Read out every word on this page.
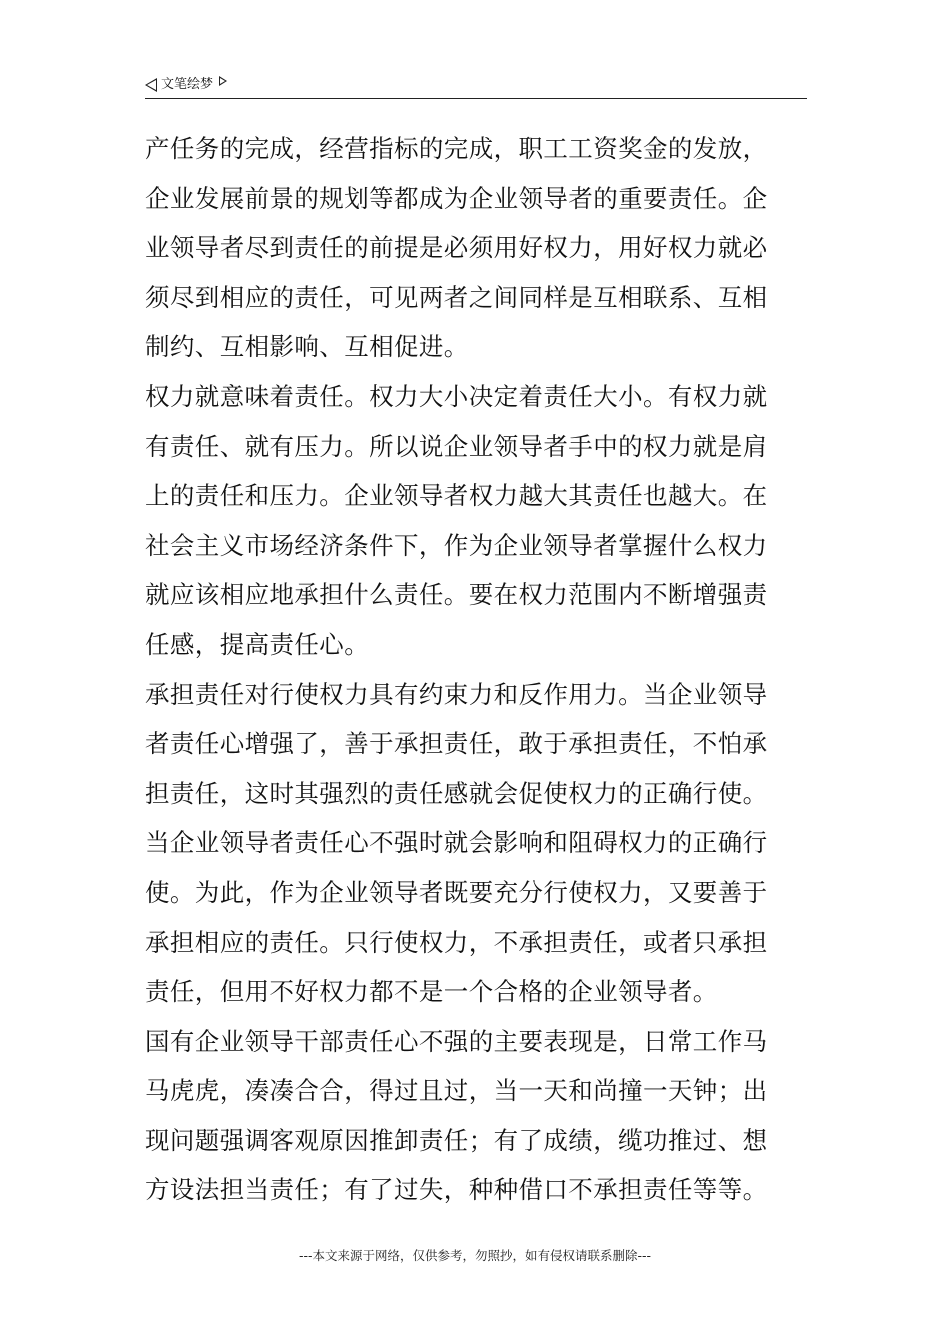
文笔绘梦

产任务的完成，经营指标的完成，职工工资奖金的发放，企业发展前景的规划等都成为企业领导者的重要责任。企业领导者尽到责任的前提是必须用好权力，用好权力就必须尽到相应的责任，可见两者之间同样是互相联系、互相制约、互相影响、互相促进。

权力就意味着责任。权力大小决定着责任大小。有权力就有责任、就有压力。所以说企业领导者手中的权力就是肩上的责任和压力。企业领导者权力越大其责任也越大。在社会主义市场经济条件下，作为企业领导者掌握什么权力就应该相应地承担什么责任。要在权力范围内不断增强责任感，提高责任心。

承担责任对行使权力具有约束力和反作用力。当企业领导者责任心增强了，善于承担责任，敢于承担责任，不怕承担责任，这时其强烈的责任感就会促使权力的正确行使。当企业领导者责任心不强时就会影响和阻碍权力的正确行使。为此，作为企业领导者既要充分行使权力，又要善于承担相应的责任。只行使权力，不承担责任，或者只承担责任，但用不好权力都不是一个合格的企业领导者。

国有企业领导干部责任心不强的主要表现是，日常工作马马虎虎，凑凑合合，得过且过，当一天和尚撞一天钟；出现问题强调客观原因推卸责任；有了成绩，缆功推过、想方设法担当责任；有了过失，种种借口不承担责任等等。

---本文来源于网络，仅供参考，勿照抄，如有侵权请联系删除---
